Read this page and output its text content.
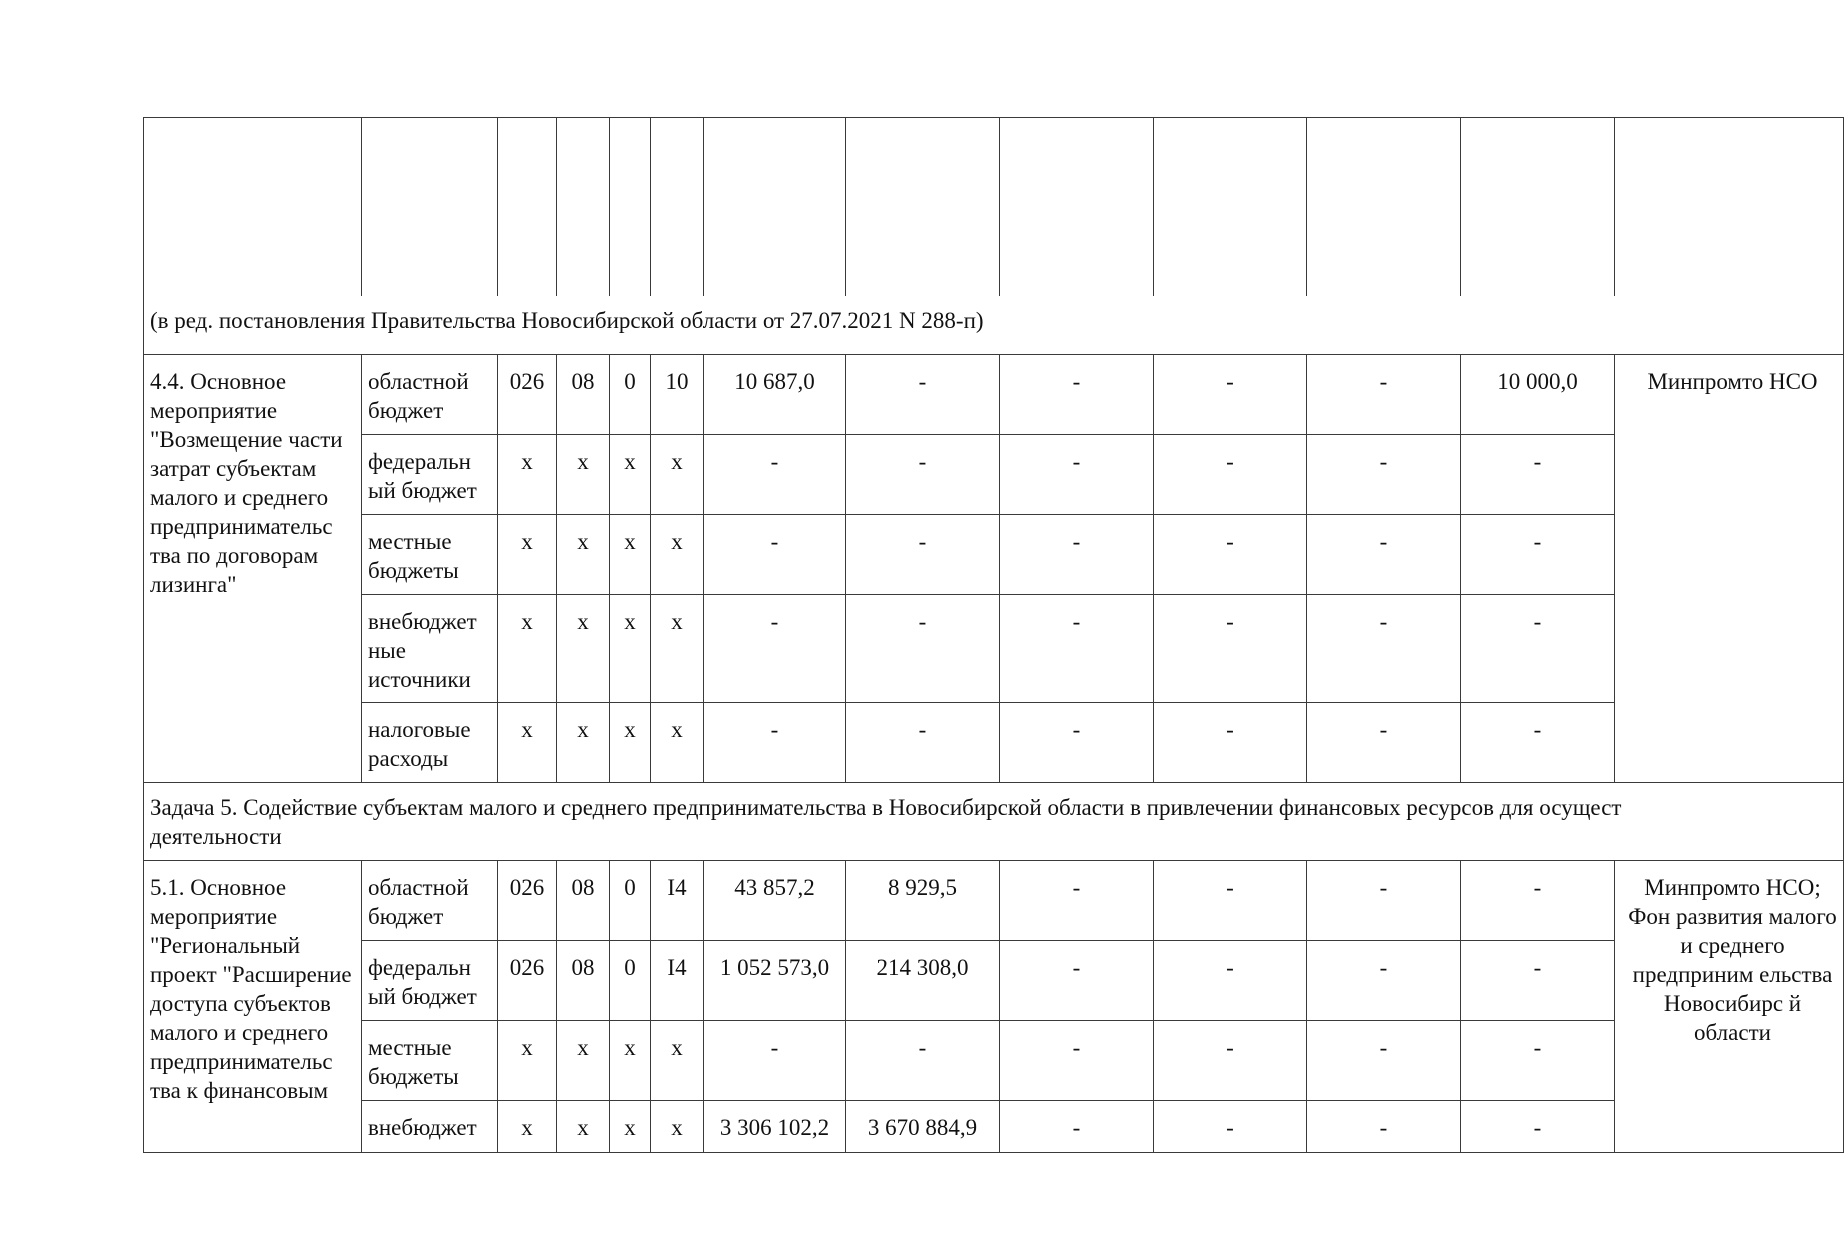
(в ред. постановления Правительства Новосибирской области от 27.07.2021 N 288-п)												
4.4. Основное мероприятие "Возмещение части затрат субъектам малого и среднего предпринимательс тва по договорам лизинга"	областной бюджет	026	08	0	10	10 687,0	-	-	-	-	10 000,0	Минпромто НСО
	федеральн ый бюджет	x	x	x	x	-	-	-	-	-	-	
	местные бюджеты	x	x	x	x	-	-	-	-	-	-	
	внебюджет ные источники	x	x	x	x	-	-	-	-	-	-	
	налоговые расходы	x	x	x	x	-	-	-	-	-	-	
Задача 5. Содействие субъектам малого и среднего предпринимательства в Новосибирской области в привлечении финансовых ресурсов для осущест
деятельности												
5.1. Основное мероприятие "Региональный проект "Расширение доступа субъектов малого и среднего предпринимательс тва к финансовым	областной бюджет	026	08	0	I4	43 857,2	8 929,5	-	-	-	-	Минпромто НСО; Фон развития малого и среднего предприним ельства Новосибирс й области
	федеральн ый бюджет	026	08	0	I4	1 052 573,0	214 308,0	-	-	-	-	
	местные бюджеты	x	x	x	x	-	-	-	-	-	-	
	внебюджет	x	x	x	x	3 306 102,2	3 670 884,9	-	-	-	-	
